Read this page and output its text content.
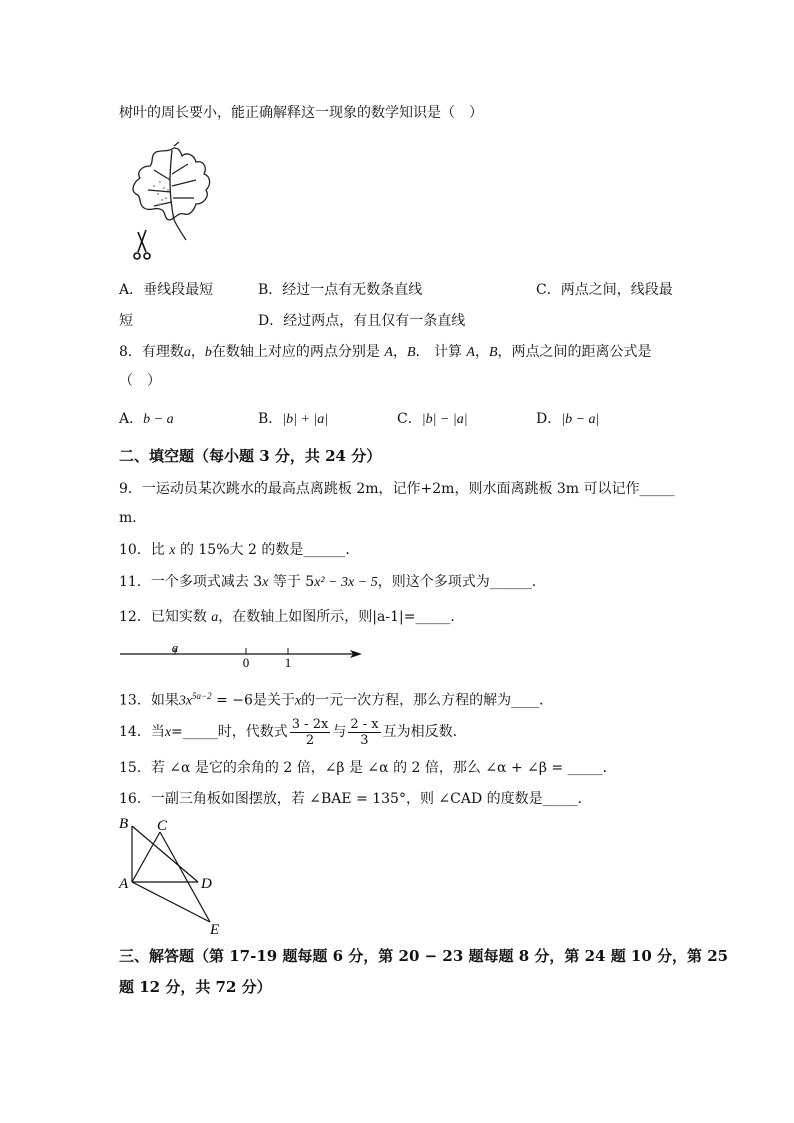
树叶的周长要小，能正确解释这一现象的数学知识是（　）
A．垂线段最短	B．经过一点有无数条直线	C．两点之间，线段最
短	D．经过两点，有且仅有一条直线
8．有理数a，b在数轴上对应的两点分别是 A，B． 计算 A，B，两点之间的距离公式是
（　）
A．b − a	B．|b| + |a|	C．|b| − |a|	D．|b − a|
二、填空题（每小题 3 分，共 24 分）
9．一运动员某次跳水的最高点离跳板 2m，记作+2m，则水面离跳板 3m 可以记作_____
m．
10．比 x 的 15%大 2 的数是______．
11．一个多项式减去 3x 等于 5x² − 3x − 5，则这个多项式为______．
12．已知实数 a，在数轴上如图所示，则|a-1|=_____．
a
0	1
13．如果$3x^{5a-2} = -6$是关于x的一元一次方程，那么方程的解为____．
14．当x=_____时，代数式 $\frac{3 - 2x}{2}$ 与 $\frac{2 - x}{3}$ 互为相反数．
15．若 ∠α 是它的余角的 2 倍，∠β 是 ∠α 的 2 倍，那么 ∠α + ∠β = _____．
16．一副三角板如图摆放，若 ∠BAE = 135°，则 ∠CAD 的度数是_____．
B C
A	D
E
三、解答题（第 17-19 题每题 6 分，第 20 − 23 题每题 8 分，第 24 题 10 分，第 25
题 12 分，共 72 分）
